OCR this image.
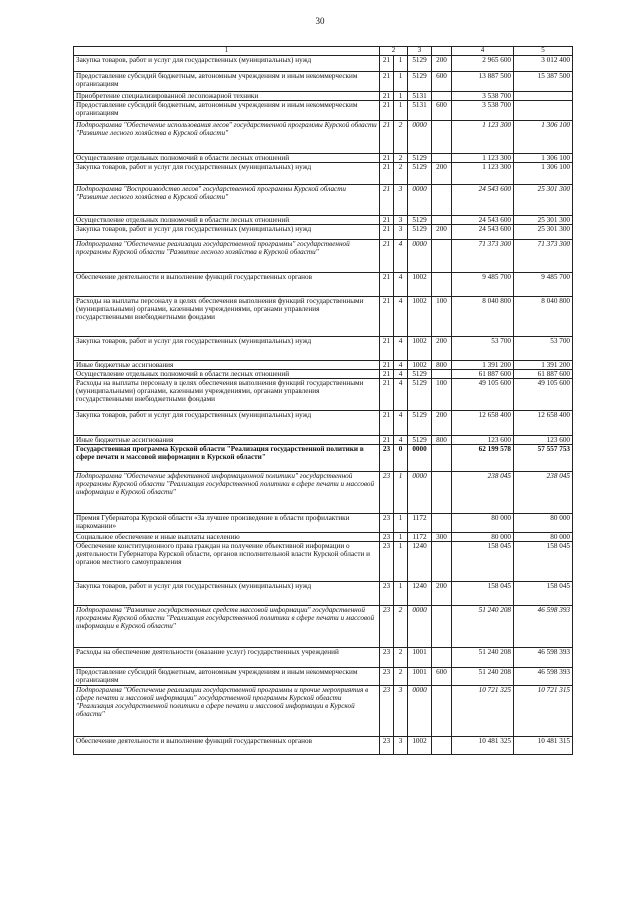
30
1	2		3		4	5
Закупка товаров, работ и услуг для государственных (муниципальных) нужд	21	1	5129	200	2 965 600	3 012 400
Предоставление субсидий бюджетным, автономным учреждениям и иным некоммерческим организациям	21	1	5129	600	13 887 500	15 387 500
Приобретение специализированной лесопожарной техники	21	1	5131		3 538 700	
Предоставление субсидий бюджетным, автономным учреждениям и иным некоммерческим организациям	21	1	5131	600	3 538 700	
Подпрограмма "Обеспечение использования лесов" государственной программы Курской области "Развитие лесного хозяйства в Курской области"	21	2	0000		1 123 300	1 306 100
Осуществление отдельных полномочий в области лесных отношений	21	2	5129		1 123 300	1 306 100
Закупка товаров, работ и услуг для государственных (муниципальных) нужд	21	2	5129	200	1 123 300	1 306 100
Подпрограмма "Воспроизводство лесов" государственной программы Курской области "Развитие лесного хозяйства в Курской области"	21	3	0000		24 543 600	25 301 300
Осуществление отдельных полномочий в области лесных отношений	21	3	5129		24 543 600	25 301 300
Закупка товаров, работ и услуг для государственных (муниципальных) нужд	21	3	5129	200	24 543 600	25 301 300
Подпрограмма "Обеспечение реализации государственной программы" государственной программы Курской области "Развитие лесного хозяйства в Курской области"	21	4	0000		71 373 300	71 373 300
Обеспечение деятельности и выполнение функций государственных органов	21	4	1002		9 485 700	9 485 700
Расходы на выплаты персоналу в целях обеспечения выполнения функций государственными (муниципальными) органами, казенными учреждениями, органами управления государственными внебюджетными фондами	21	4	1002	100	8 040 800	8 040 800
Закупка товаров, работ и услуг для государственных (муниципальных) нужд	21	4	1002	200	53 700	53 700
Иные бюджетные ассигнования	21	4	1002	800	1 391 200	1 391 200
Осуществление отдельных полномочий в области лесных отношений	21	4	5129		61 887 600	61 887 600
Расходы на выплаты персоналу в целях обеспечения выполнения функций государственными (муниципальными) органами, казенными учреждениями, органами управления государственными внебюджетными фондами	21	4	5129	100	49 105 600	49 105 600
Закупка товаров, работ и услуг для государственных (муниципальных) нужд	21	4	5129	200	12 658 400	12 658 400
Иные бюджетные ассигнования	21	4	5129	800	123 600	123 600
Государственная программа Курской области "Реализация государственной политики в сфере печати и массовой информации в Курской области"	23	0	0000		62 199 578	57 557 753
Подпрограмма "Обеспечение эффективной информационной политики" государственной программы Курской области "Реализация государственной политики в сфере печати и массовой информации в Курской области"	23	1	0000		238 045	238 045
Премия Губернатора Курской области «За лучшее произведение в области профилактики наркомании»	23	1	1172		80 000	80 000
Социальное обеспечение и иные выплаты населению	23	1	1172	300	80 000	80 000
Обеспечение конституционного права граждан на получение объективной информации о деятельности Губернатора Курской области, органов исполнительной власти Курской области и органов местного самоуправления	23	1	1240		158 045	158 045
Закупка товаров, работ и услуг для государственных (муниципальных) нужд	23	1	1240	200	158 045	158 045
Подпрограмма "Развитие государственных средств массовой информации" государственной программы Курской области "Реализация государственной политики в сфере печати и массовой информации в Курской области"	23	2	0000		51 240 208	46 598 393
Расходы на обеспечение деятельности (оказание услуг) государственных учреждений	23	2	1001		51 240 208	46 598 393
Предоставление субсидий бюджетным, автономным учреждениям и иным некоммерческим организациям	23	2	1001	600	51 240 208	46 598 393
Подпрограмма "Обеспечение реализации государственной программы и прочие мероприятия в сфере печати и массовой информации" государственной программы Курской области "Реализация государственной политики в сфере печати и массовой информации в Курской области"	23	3	0000		10 721 325	10 721 315
Обеспечение деятельности и выполнение функций государственных органов	23	3	1002		10 481 325	10 481 315
